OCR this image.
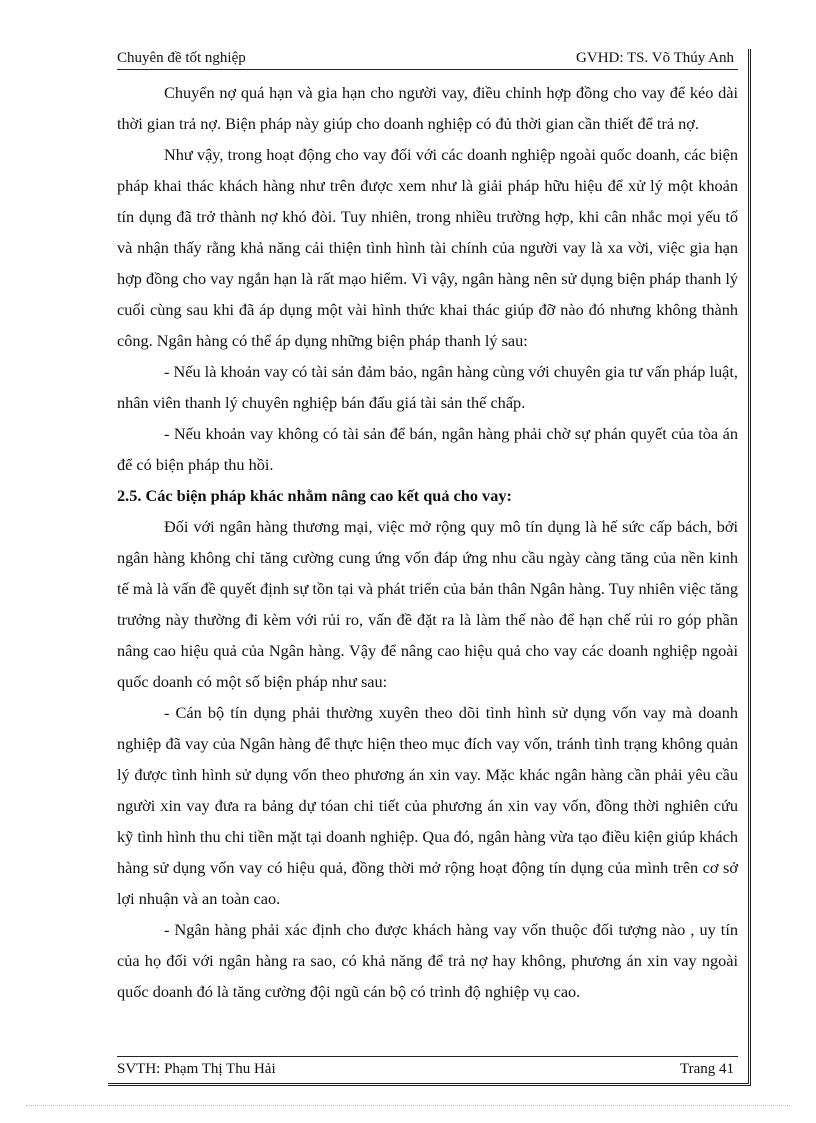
Chuyên đề tốt nghiệp	GVHD: TS. Võ Thúy Anh

Chuyển nợ quá hạn và gia hạn cho người vay, điều chỉnh hợp đồng cho vay để kéo dài thời gian trả nợ. Biện pháp này giúp cho doanh nghiệp có đủ thời gian cần thiết để trả nợ.

Như vậy, trong hoạt động cho vay đối với các doanh nghiệp ngoài quốc doanh, các biện pháp khai thác khách hàng như trên được xem như là giải pháp hữu hiệu để xử lý một khoản tín dụng đã trở thành nợ khó đòi. Tuy nhiên, trong nhiều trường hợp, khi cân nhắc mọi yếu tố và nhận thấy rằng khả năng cải thiện tình hình tài chính của người vay là xa vời, việc gia hạn hợp đồng cho vay ngắn hạn là rất mạo hiểm. Vì vậy, ngân hàng nên sử dụng biện pháp thanh lý cuối cùng sau khi đã áp dụng một vài hình thức khai thác giúp đỡ nào đó nhưng không thành công. Ngân hàng có thể áp dụng những biện pháp thanh lý sau:

- Nếu là khoản vay có tài sản đảm bảo, ngân hàng cùng với chuyên gia tư vấn pháp luật, nhân viên thanh lý chuyên nghiệp bán đấu giá tài sản thế chấp.

- Nếu khoản vay không có tài sản để bán, ngân hàng phải chờ sự phán quyết của tòa án để có biện pháp thu hồi.

2.5. Các biện pháp khác nhằm nâng cao kết quả cho vay:

Đối với ngân hàng thương mại, việc mở rộng quy mô tín dụng là hế sức cấp bách, bởi ngân hàng không chỉ tăng cường cung ứng vốn đáp ứng nhu cầu ngày càng tăng của nền kinh tế mà là vấn đề quyết định sự tồn tại và phát triển của bản thân Ngân hàng. Tuy nhiên việc tăng trưởng này thường đi kèm với rủi ro, vấn đề đặt ra là làm thế nào để hạn chế rủi ro góp phần nâng cao hiệu quả của Ngân hàng. Vậy để nâng cao hiệu quả cho vay các doanh nghiệp ngoài quốc doanh có một số biện pháp như sau:

- Cán bộ tín dụng phải thường xuyên theo dõi tình hình sử dụng vốn vay mà doanh nghiệp đã vay của Ngân hàng để thực hiện theo mục đích vay vốn, tránh tình trạng không quản lý được tình hình sử dụng vốn theo phương án xin vay. Mặc khác ngân hàng cần phải yêu cầu người xin vay đưa ra bảng dự tóan chi tiết của phương án xin vay vốn, đồng thời nghiên cứu kỹ tình hình thu chi tiền mặt tại doanh nghiệp. Qua đó, ngân hàng vừa tạo điều kiện giúp khách hàng sử dụng vốn vay có hiệu quả, đồng thời mở rộng hoạt động tín dụng của mình trên cơ sở lợi nhuận và an toàn cao.

- Ngân hàng phải xác định cho được khách hàng vay vốn thuộc đối tượng nào , uy tín của họ đối với ngân hàng ra sao, có khả năng để trả nợ hay không, phương án xin vay ngoài quốc doanh đó là tăng cường đội ngũ cán bộ có trình độ nghiệp vụ cao.

SVTH: Phạm Thị Thu Hải	Trang 41
